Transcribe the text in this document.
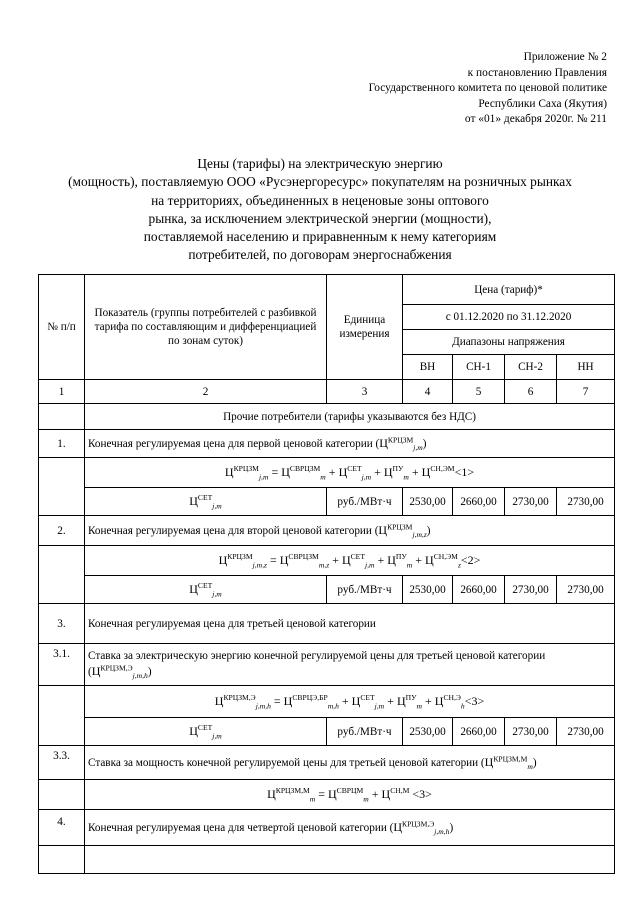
Приложение № 2
к постановлению Правления
Государственного комитета по ценовой политике
Республики Саха (Якутия)
от «01» декабря 2020г. № 211
Цены (тарифы) на электрическую энергию
(мощность), поставляемую ООО «Русэнергоресурс» покупателям на розничных рынках
на территориях, объединенных в неценовые зоны оптового
рынка, за исключением электрической энергии (мощности),
поставляемой населению и приравненным к нему категориям
потребителей, по договорам энергоснабжения
№ п/п	Показатель (группы потребителей с разбивкой тарифа по составляющим и дифференциацией по зонам суток)	Единица измерения	Цена (тариф)*			
			с 01.12.2020 по 31.12.2020			
			Диапазоны напряжения			
			ВН	СН-1	СН-2	НН
1	2	3	4	5	6	7
	Прочие потребители (тарифы указываются без НДС)					
1.	Конечная регулируемая цена для первой ценовой категории $(Ц^{КРЦЗМ}_{j,m})$					
	$Ц^{КРЦЗМ}_{j,m} = Ц^{СВРЦЗМ}_m + Ц^{СЕТ}_{j,m} + Ц^{ПУ}_m + Ц^{СН,ЭМ}<1>$					
	$Ц^{СЕТ}_{j,m}$	руб./МВт·ч	2530,00	2660,00	2730,00	2730,00
2.	Конечная регулируемая цена для второй ценовой категории $(Ц^{КРЦЗМ}_{j,m,z})$					
	$Ц^{КРЦЗМ}_{j,m,z} = Ц^{СВРЦЗМ}_{m,z} + Ц^{СЕТ}_{j,m} + Ц^{ПУ}_m + Ц^{СН,ЭМ}_z<2>$					
	$Ц^{СЕТ}_{j,m}$	руб./МВт·ч	2530,00	2660,00	2730,00	2730,00
3.	Конечная регулируемая цена для третьей ценовой категории					
3.1.	Ставка за электрическую энергию конечной регулируемой цены для третьей ценовой категории $(Ц^{КРЦЗМ,Э}_{j,m,h})$					
	$Ц^{КРЦЗМ,Э}_{j,m,h} = Ц^{СВРЦЭ,БР}_{m,h} + Ц^{СЕТ}_{j,m} + Ц^{ПУ}_m + Ц^{СН,Э}_h<3>$					
	$Ц^{СЕТ}_{j,m}$	руб./МВт·ч	2530,00	2660,00	2730,00	2730,00
3.3.	Ставка за мощность конечной регулируемой цены для третьей ценовой категории $(Ц^{КРЦЗМ,М}_m)$					
	$Ц^{КРЦЗМ,М}_m = Ц^{СВРЦМ}_m + Ц^{СН,М} <3>$					
4.	Конечная регулируемая цена для четвертой ценовой категории $(Ц^{КРЦЗМ,Э}_{j,m,h})$					
